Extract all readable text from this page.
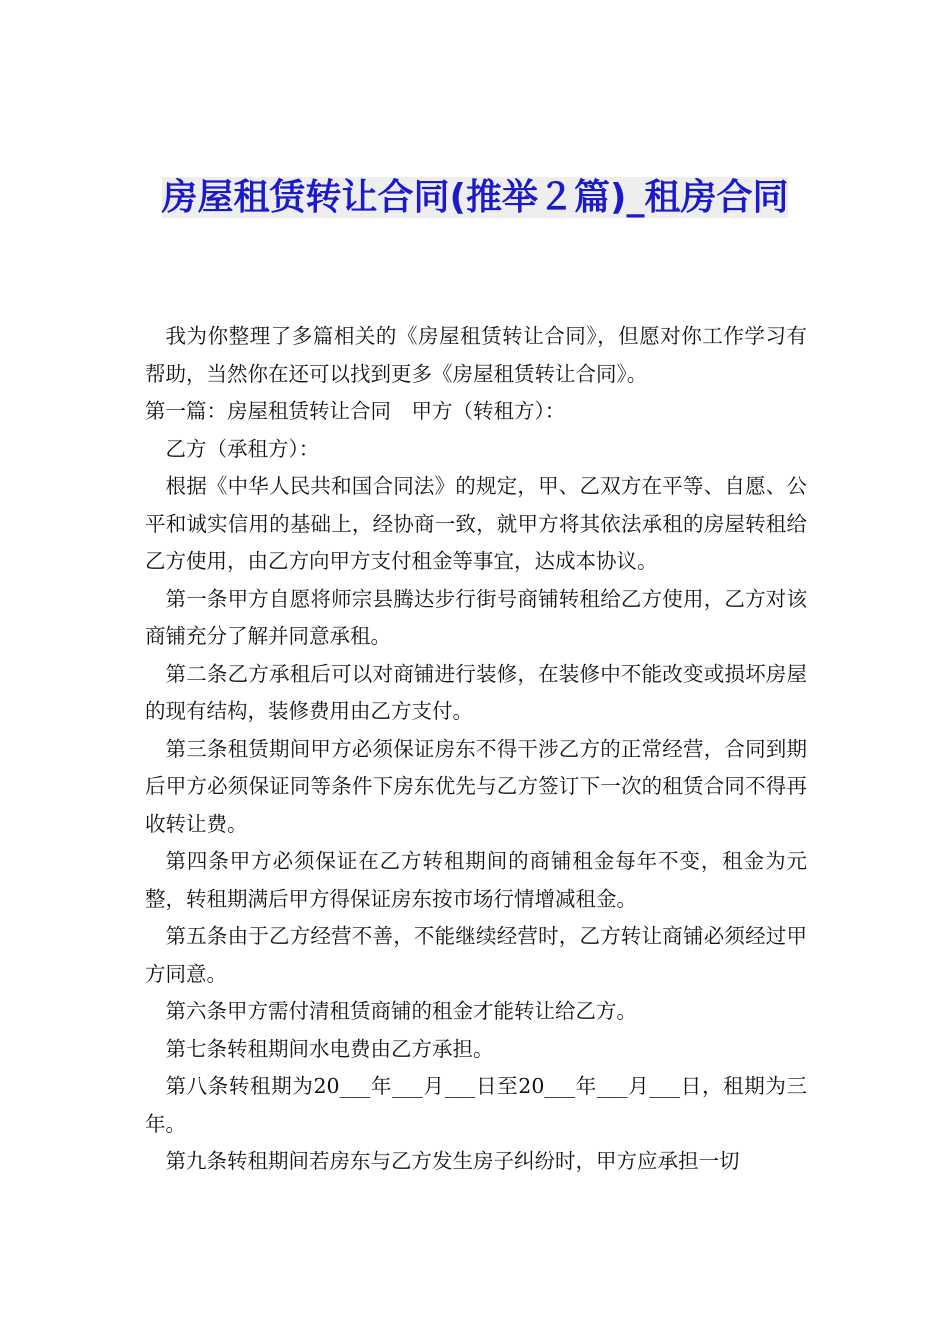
房屋租赁转让合同(推举２篇)_租房合同

我为你整理了多篇相关的《房屋租赁转让合同》，但愿对你工作学习有帮助，当然你在还可以找到更多《房屋租赁转让合同》。

第一篇：房屋租赁转让合同　甲方（转租方）：

乙方（承租方）：

根据《中华人民共和国合同法》的规定，甲、乙双方在平等、自愿、公平和诚实信用的基础上，经协商一致，就甲方将其依法承租的房屋转租给乙方使用，由乙方向甲方支付租金等事宜，达成本协议。

第一条甲方自愿将师宗县腾达步行街号商铺转租给乙方使用，乙方对该商铺充分了解并同意承租。

第二条乙方承租后可以对商铺进行装修，在装修中不能改变或损坏房屋的现有结构，装修费用由乙方支付。

第三条租赁期间甲方必须保证房东不得干涉乙方的正常经营，合同到期后甲方必须保证同等条件下房东优先与乙方签订下一次的租赁合同不得再收转让费。

第四条甲方必须保证在乙方转租期间的商铺租金每年不变，租金为元整，转租期满后甲方得保证房东按市场行情增减租金。

第五条由于乙方经营不善，不能继续经营时，乙方转让商铺必须经过甲方同意。

第六条甲方需付清租赁商铺的租金才能转让给乙方。

第七条转租期间水电费由乙方承担。

第八条转租期为20___年___月___日至20___年___月___日，租期为三年。

第九条转租期间若房东与乙方发生房子纠纷时，甲方应承担一切
